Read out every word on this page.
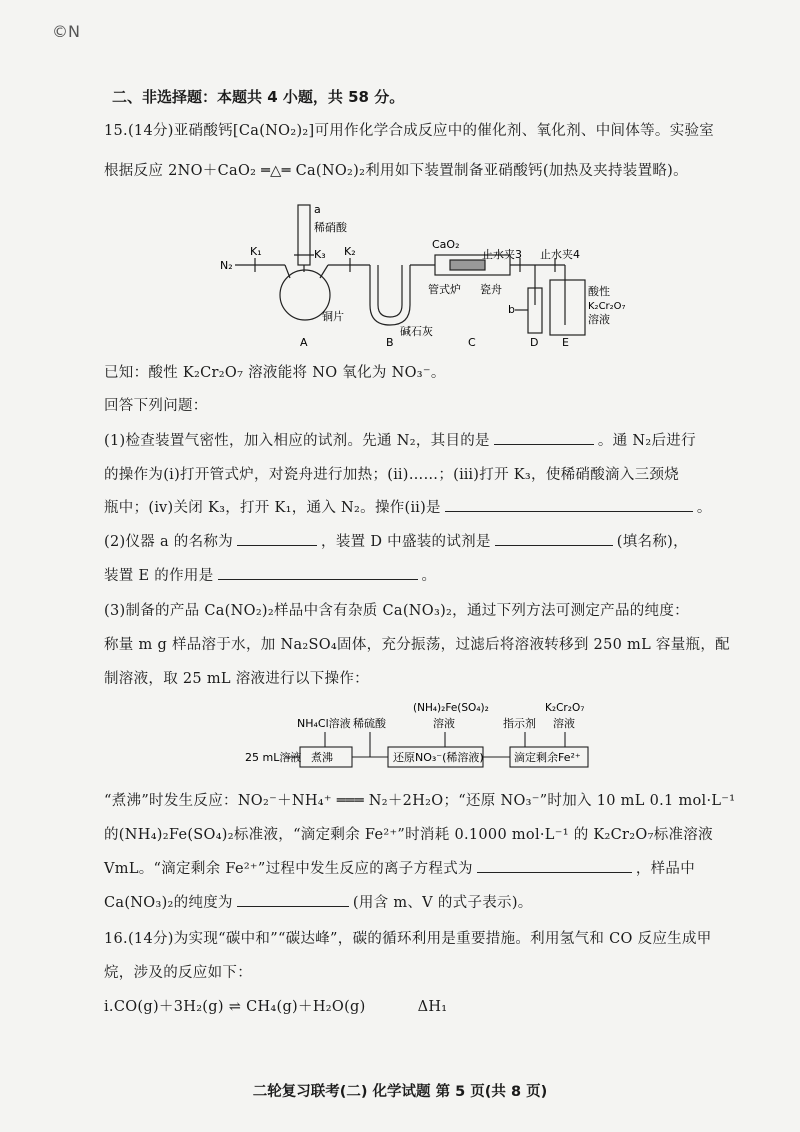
©N
二、非选择题：本题共 4 小题，共 58 分。
15.(14分)亚硝酸钙[Ca(NO₂)₂]可用作化学合成反应中的催化剂、氧化剂、中间体等。实验室
根据反应 2NO＋CaO₂ ═△═ Ca(NO₂)₂利用如下装置制备亚硝酸钙(加热及夹持装置略)。
a
稀硝酸
N₂
K₁	K₃ K₂
CaO₂
止水夹3 止水夹4
管式炉 瓷舟
铜片
碱石灰
b
酸性
K₂Cr₂O₇
溶液
A	B	C	D E
已知：酸性 K₂Cr₂O₇ 溶液能将 NO 氧化为 NO₃⁻。
回答下列问题：
(1)检查装置气密性，加入相应的试剂。先通 N₂，其目的是	。通 N₂后进行
的操作为(ⅰ)打开管式炉，对瓷舟进行加热；(ⅱ)……；(ⅲ)打开 K₃，使稀硝酸滴入三颈烧
瓶中；(ⅳ)关闭 K₃，打开 K₁，通入 N₂。操作(ⅱ)是	。
(2)仪器 a 的名称为	，装置 D 中盛装的试剂是	(填名称)，
装置 E 的作用是	。
(3)制备的产品 Ca(NO₂)₂样品中含有杂质 Ca(NO₃)₂，通过下列方法可测定产品的纯度：
称量 m g 样品溶于水，加 Na₂SO₄固体，充分振荡，过滤后将溶液转移到 250 mL 容量瓶，配
制溶液，取 25 mL 溶液进行以下操作：
25 mL溶液
NH₄Cl溶液 稀硫酸
(NH₄)₂Fe(SO₄)₂
溶液	指示剂
K₂Cr₂O₇
溶液
煮沸	还原NO₃⁻(稀溶液)	滴定剩余Fe²⁺
“煮沸”时发生反应：NO₂⁻＋NH₄⁺ ═══ N₂＋2H₂O；“还原 NO₃⁻”时加入 10 mL 0.1 mol·L⁻¹
的(NH₄)₂Fe(SO₄)₂标准液，“滴定剩余 Fe²⁺”时消耗 0.1000 mol·L⁻¹ 的 K₂Cr₂O₇标准溶液
VmL。“滴定剩余 Fe²⁺”过程中发生反应的离子方程式为	，样品中
Ca(NO₃)₂的纯度为	(用含 m、V 的式子表示)。
16.(14分)为实现“碳中和”“碳达峰”，碳的循环利用是重要措施。利用氢气和 CO 反应生成甲
烷，涉及的反应如下：
ⅰ.CO(g)＋3H₂(g) ⇌ CH₄(g)＋H₂O(g)	ΔH₁
二轮复习联考(二) 化学试题 第 5 页(共 8 页)
